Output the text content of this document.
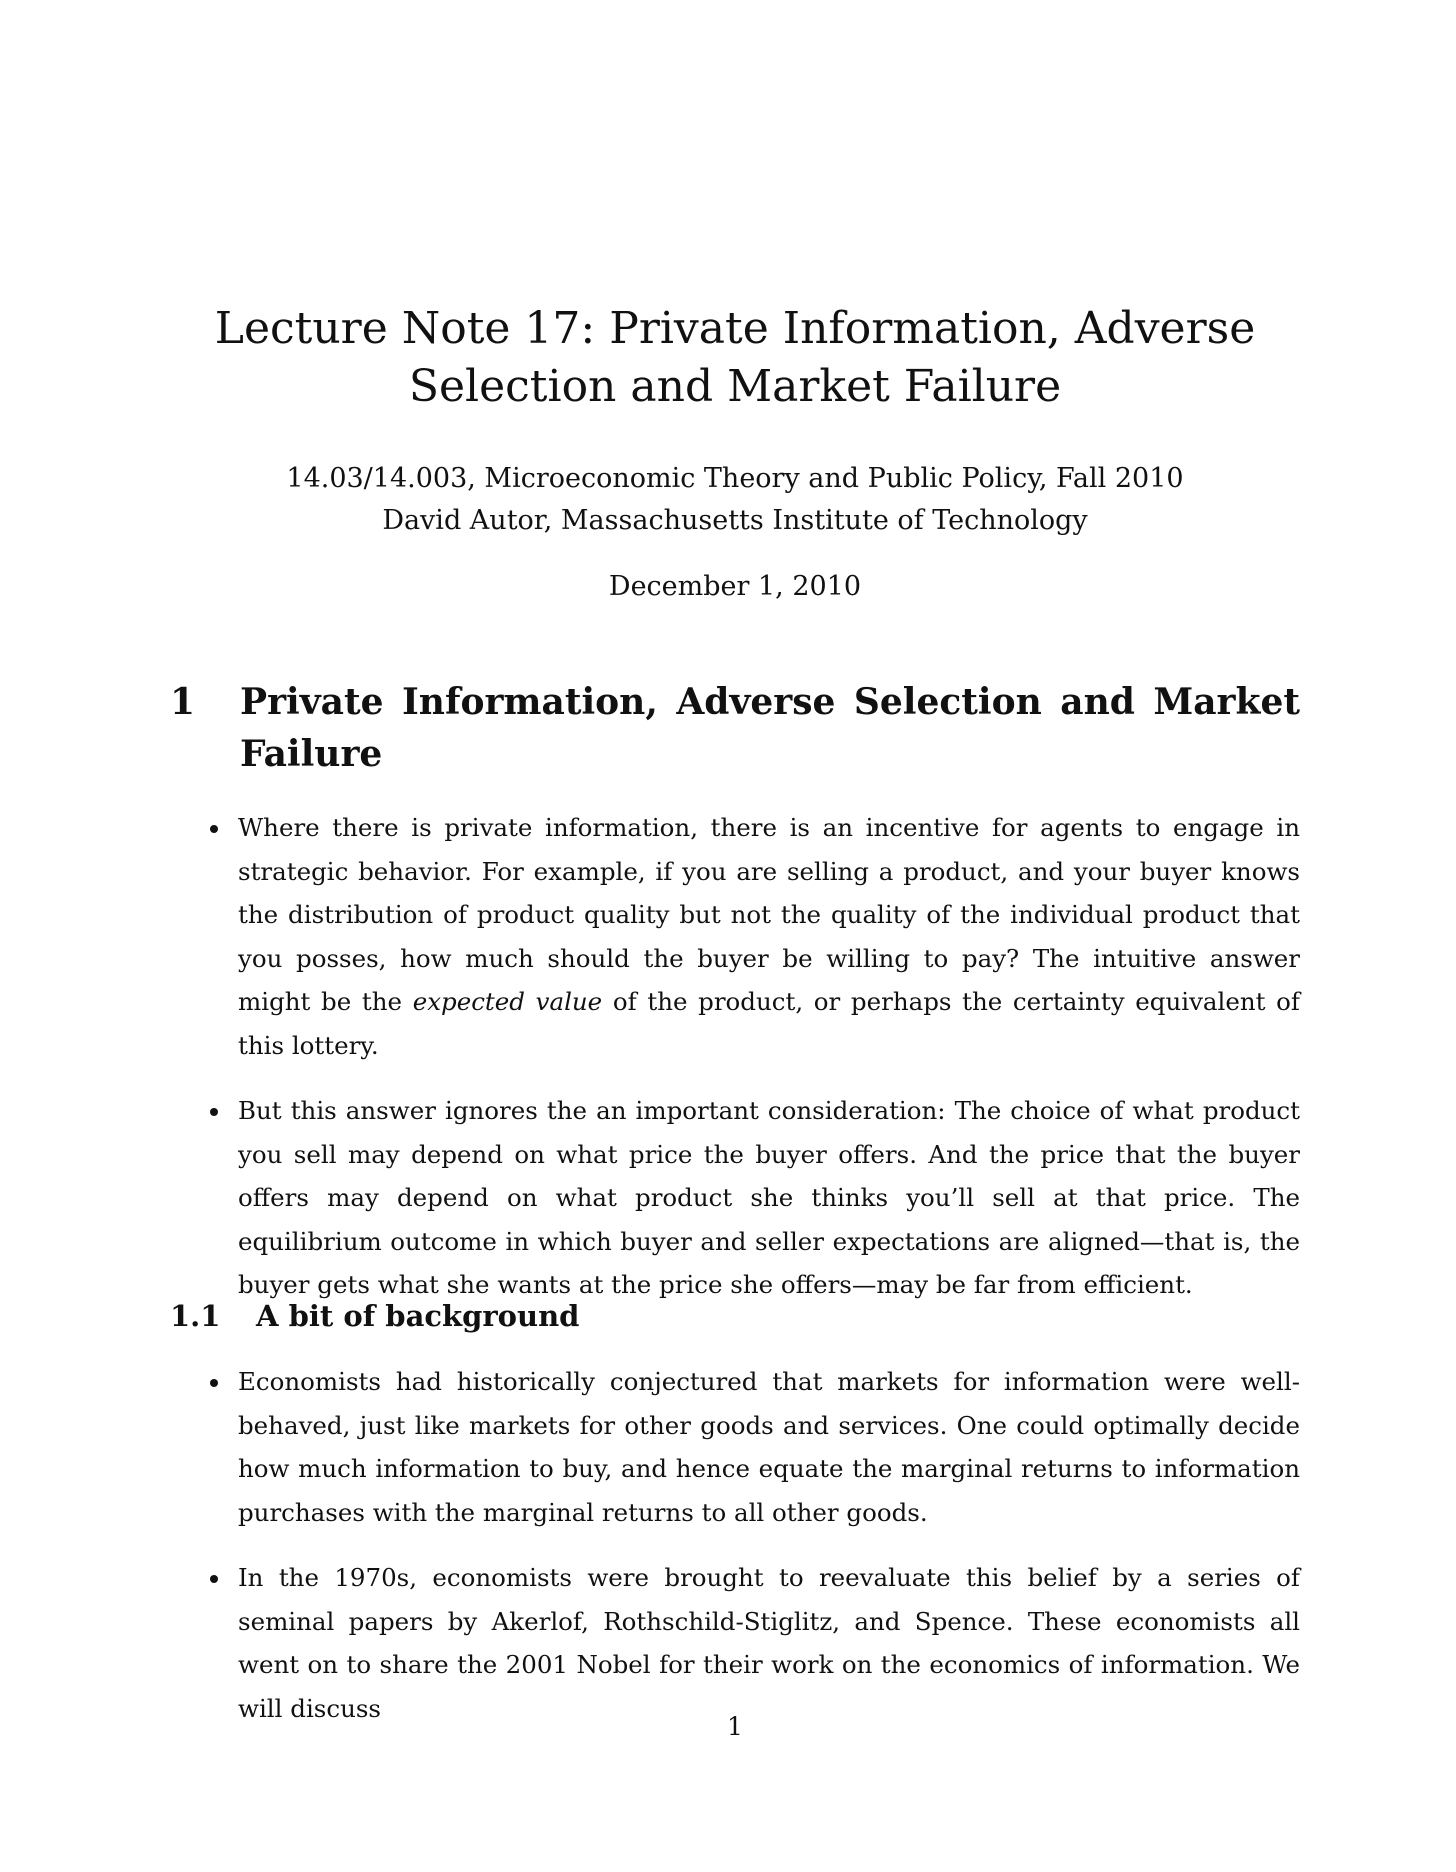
Lecture Note 17: Private Information, Adverse Selection and Market Failure

14.03/14.003, Microeconomic Theory and Public Policy, Fall 2010

David Autor, Massachusetts Institute of Technology

December 1, 2010

1 Private Information, Adverse Selection and Market Failure
Where there is private information, there is an incentive for agents to engage in strategic behavior. For example, if you are selling a product, and your buyer knows the distribution of product quality but not the quality of the individual product that you posses, how much should the buyer be willing to pay? The intuitive answer might be the expected value of the product, or perhaps the certainty equivalent of this lottery.
But this answer ignores the an important consideration: The choice of what product you sell may depend on what price the buyer offers. And the price that the buyer offers may depend on what product she thinks you’ll sell at that price. The equilibrium outcome in which buyer and seller expectations are aligned—that is, the buyer gets what she wants at the price she offers—may be far from efficient.
1.1 A bit of background
Economists had historically conjectured that markets for information were well-behaved, just like markets for other goods and services. One could optimally decide how much information to buy, and hence equate the marginal returns to information purchases with the marginal returns to all other goods.
In the 1970s, economists were brought to reevaluate this belief by a series of seminal papers by Akerlof, Rothschild-Stiglitz, and Spence. These economists all went on to share the 2001 Nobel for their work on the economics of information. We will discuss

1
